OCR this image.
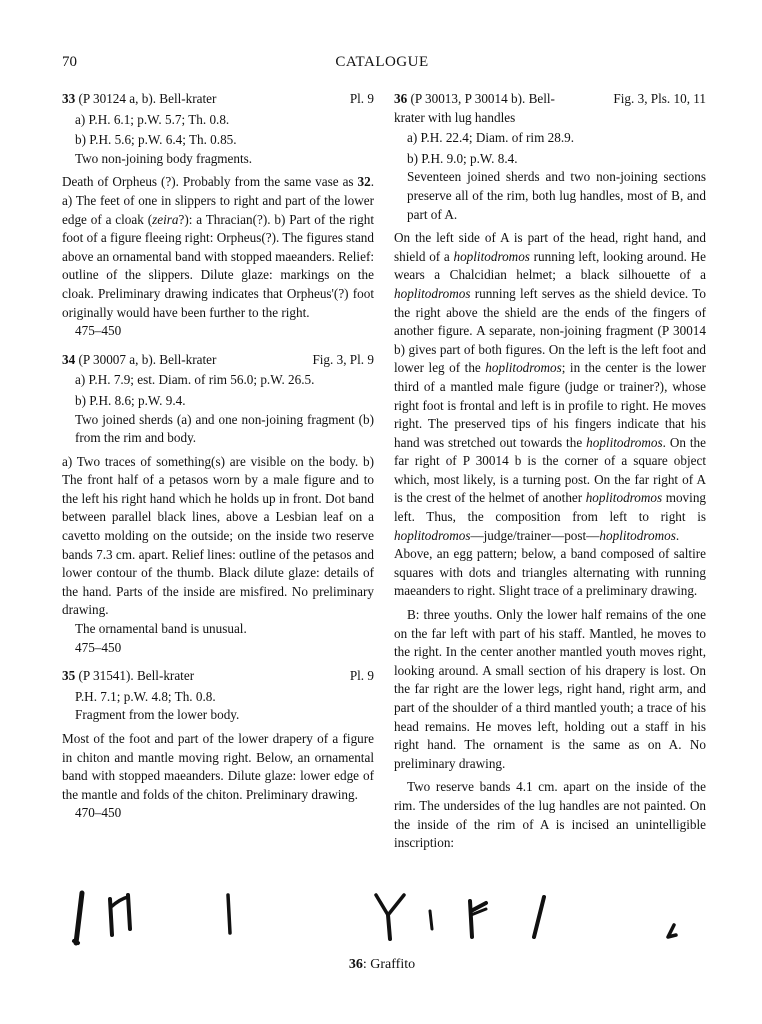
70	CATALOGUE
33 (P 30124 a, b). Bell-krater	Pl. 9
a) P.H. 6.1; p.W. 5.7; Th. 0.8.
b) P.H. 5.6; p.W. 6.4; Th. 0.85.
Two non-joining body fragments.
Death of Orpheus (?). Probably from the same vase as 32. a) The feet of one in slippers to right and part of the lower edge of a cloak (zeira?): a Thracian(?). b) Part of the right foot of a figure fleeing right: Orpheus(?). The figures stand above an ornamental band with stopped maeanders. Relief: outline of the slippers. Dilute glaze: markings on the cloak. Preliminary drawing indicates that Orpheus'(?) foot originally would have been further to the right.
475–450
34 (P 30007 a, b). Bell-krater	Fig. 3, Pl. 9
a) P.H. 7.9; est. Diam. of rim 56.0; p.W. 26.5.
b) P.H. 8.6; p.W. 9.4.
Two joined sherds (a) and one non-joining fragment (b) from the rim and body.
a) Two traces of something(s) are visible on the body. b) The front half of a petasos worn by a male figure and to the left his right hand which he holds up in front. Dot band between parallel black lines, above a Lesbian leaf on a cavetto molding on the outside; on the inside two reserve bands 7.3 cm. apart. Relief lines: outline of the petasos and lower contour of the thumb. Black dilute glaze: details of the hand. Parts of the inside are misfired. No preliminary drawing.
The ornamental band is unusual.
475–450
35 (P 31541). Bell-krater	Pl. 9
P.H. 7.1; p.W. 4.8; Th. 0.8.
Fragment from the lower body.
Most of the foot and part of the lower drapery of a figure in chiton and mantle moving right. Below, an ornamental band with stopped maeanders. Dilute glaze: lower edge of the mantle and folds of the chiton. Preliminary drawing.
470–450
36 (P 30013, P 30014 b). Bell-krater with lug handles
Fig. 3, Pls. 10, 11
a) P.H. 22.4; Diam. of rim 28.9.
b) P.H. 9.0; p.W. 8.4.
Seventeen joined sherds and two non-joining sections preserve all of the rim, both lug handles, most of B, and part of A.
On the left side of A is part of the head, right hand, and shield of a hoplitodromos running left, looking around. He wears a Chalcidian helmet; a black silhouette of a hoplitodromos running left serves as the shield device. To the right above the shield are the ends of the fingers of another figure. A separate, non-joining fragment (P 30014 b) gives part of both figures. On the left is the left foot and lower leg of the hoplitodromos; in the center is the lower third of a mantled male figure (judge or trainer?), whose right foot is frontal and left is in profile to right. He moves right. The preserved tips of his fingers indicate that his hand was stretched out towards the hoplitodromos. On the far right of P 30014 b is the corner of a square object which, most likely, is a turning post. On the far right of A is the crest of the helmet of another hoplitodromos moving left. Thus, the composition from left to right is hoplitodromos—judge/trainer—post—hoplitodromos. Above, an egg pattern; below, a band composed of saltire squares with dots and triangles alternating with running maeanders to right. Slight trace of a preliminary drawing.
B: three youths. Only the lower half remains of the one on the far left with part of his staff. Mantled, he moves to the right. In the center another mantled youth moves right, looking around. A small section of his drapery is lost. On the far right are the lower legs, right hand, right arm, and part of the shoulder of a third mantled youth; a trace of his head remains. He moves left, holding out a staff in his right hand. The ornament is the same as on A. No preliminary drawing.
Two reserve bands 4.1 cm. apart on the inside of the rim. The undersides of the lug handles are not painted. On the inside of the rim of A is incised an unintelligible inscription:
36: Graffito
